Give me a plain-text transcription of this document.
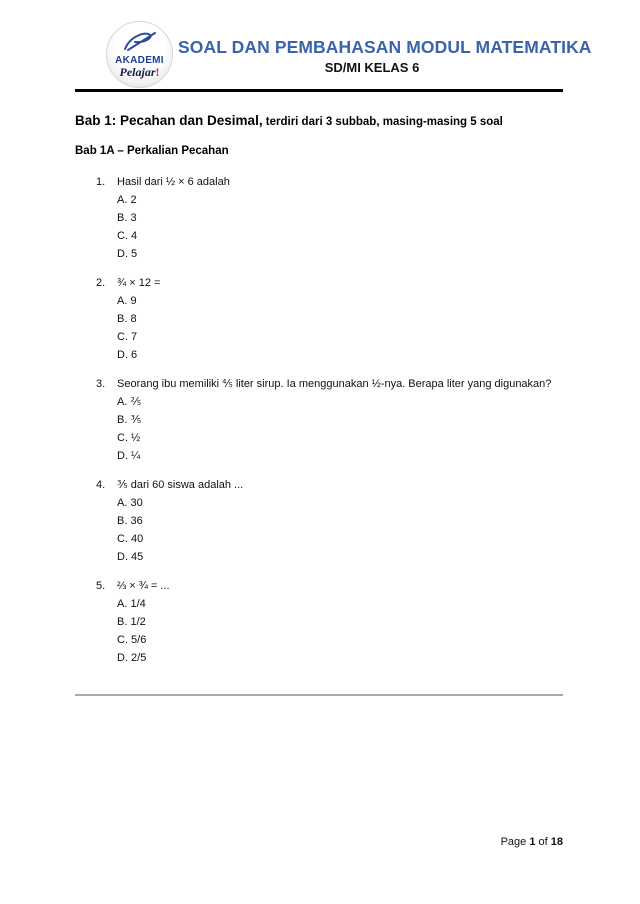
AKADEMI
Pelajar!
SOAL DAN PEMBAHASAN MODUL MATEMATIKA
SD/MI KELAS 6
Bab 1: Pecahan dan Desimal, terdiri dari 3 subbab, masing-masing 5 soal
Bab 1A – Perkalian Pecahan
1.	Hasil dari ½ × 6 adalah
A. 2
B. 3
C. 4
D. 5
2.	¾ × 12 =
A. 9
B. 8
C. 7
D. 6
3.	Seorang ibu memiliki ⅘ liter sirup. Ia menggunakan ½-nya. Berapa liter yang digunakan?
A. ⅖
B. ⅗
C. ½
D. ¼
4.	⅗ dari 60 siswa adalah ...
A. 30
B. 36
C. 40
D. 45
5.	⅔ × ¾ = ...
A. 1/4
B. 1/2
C. 5/6
D. 2/5
Page 1 of 18
